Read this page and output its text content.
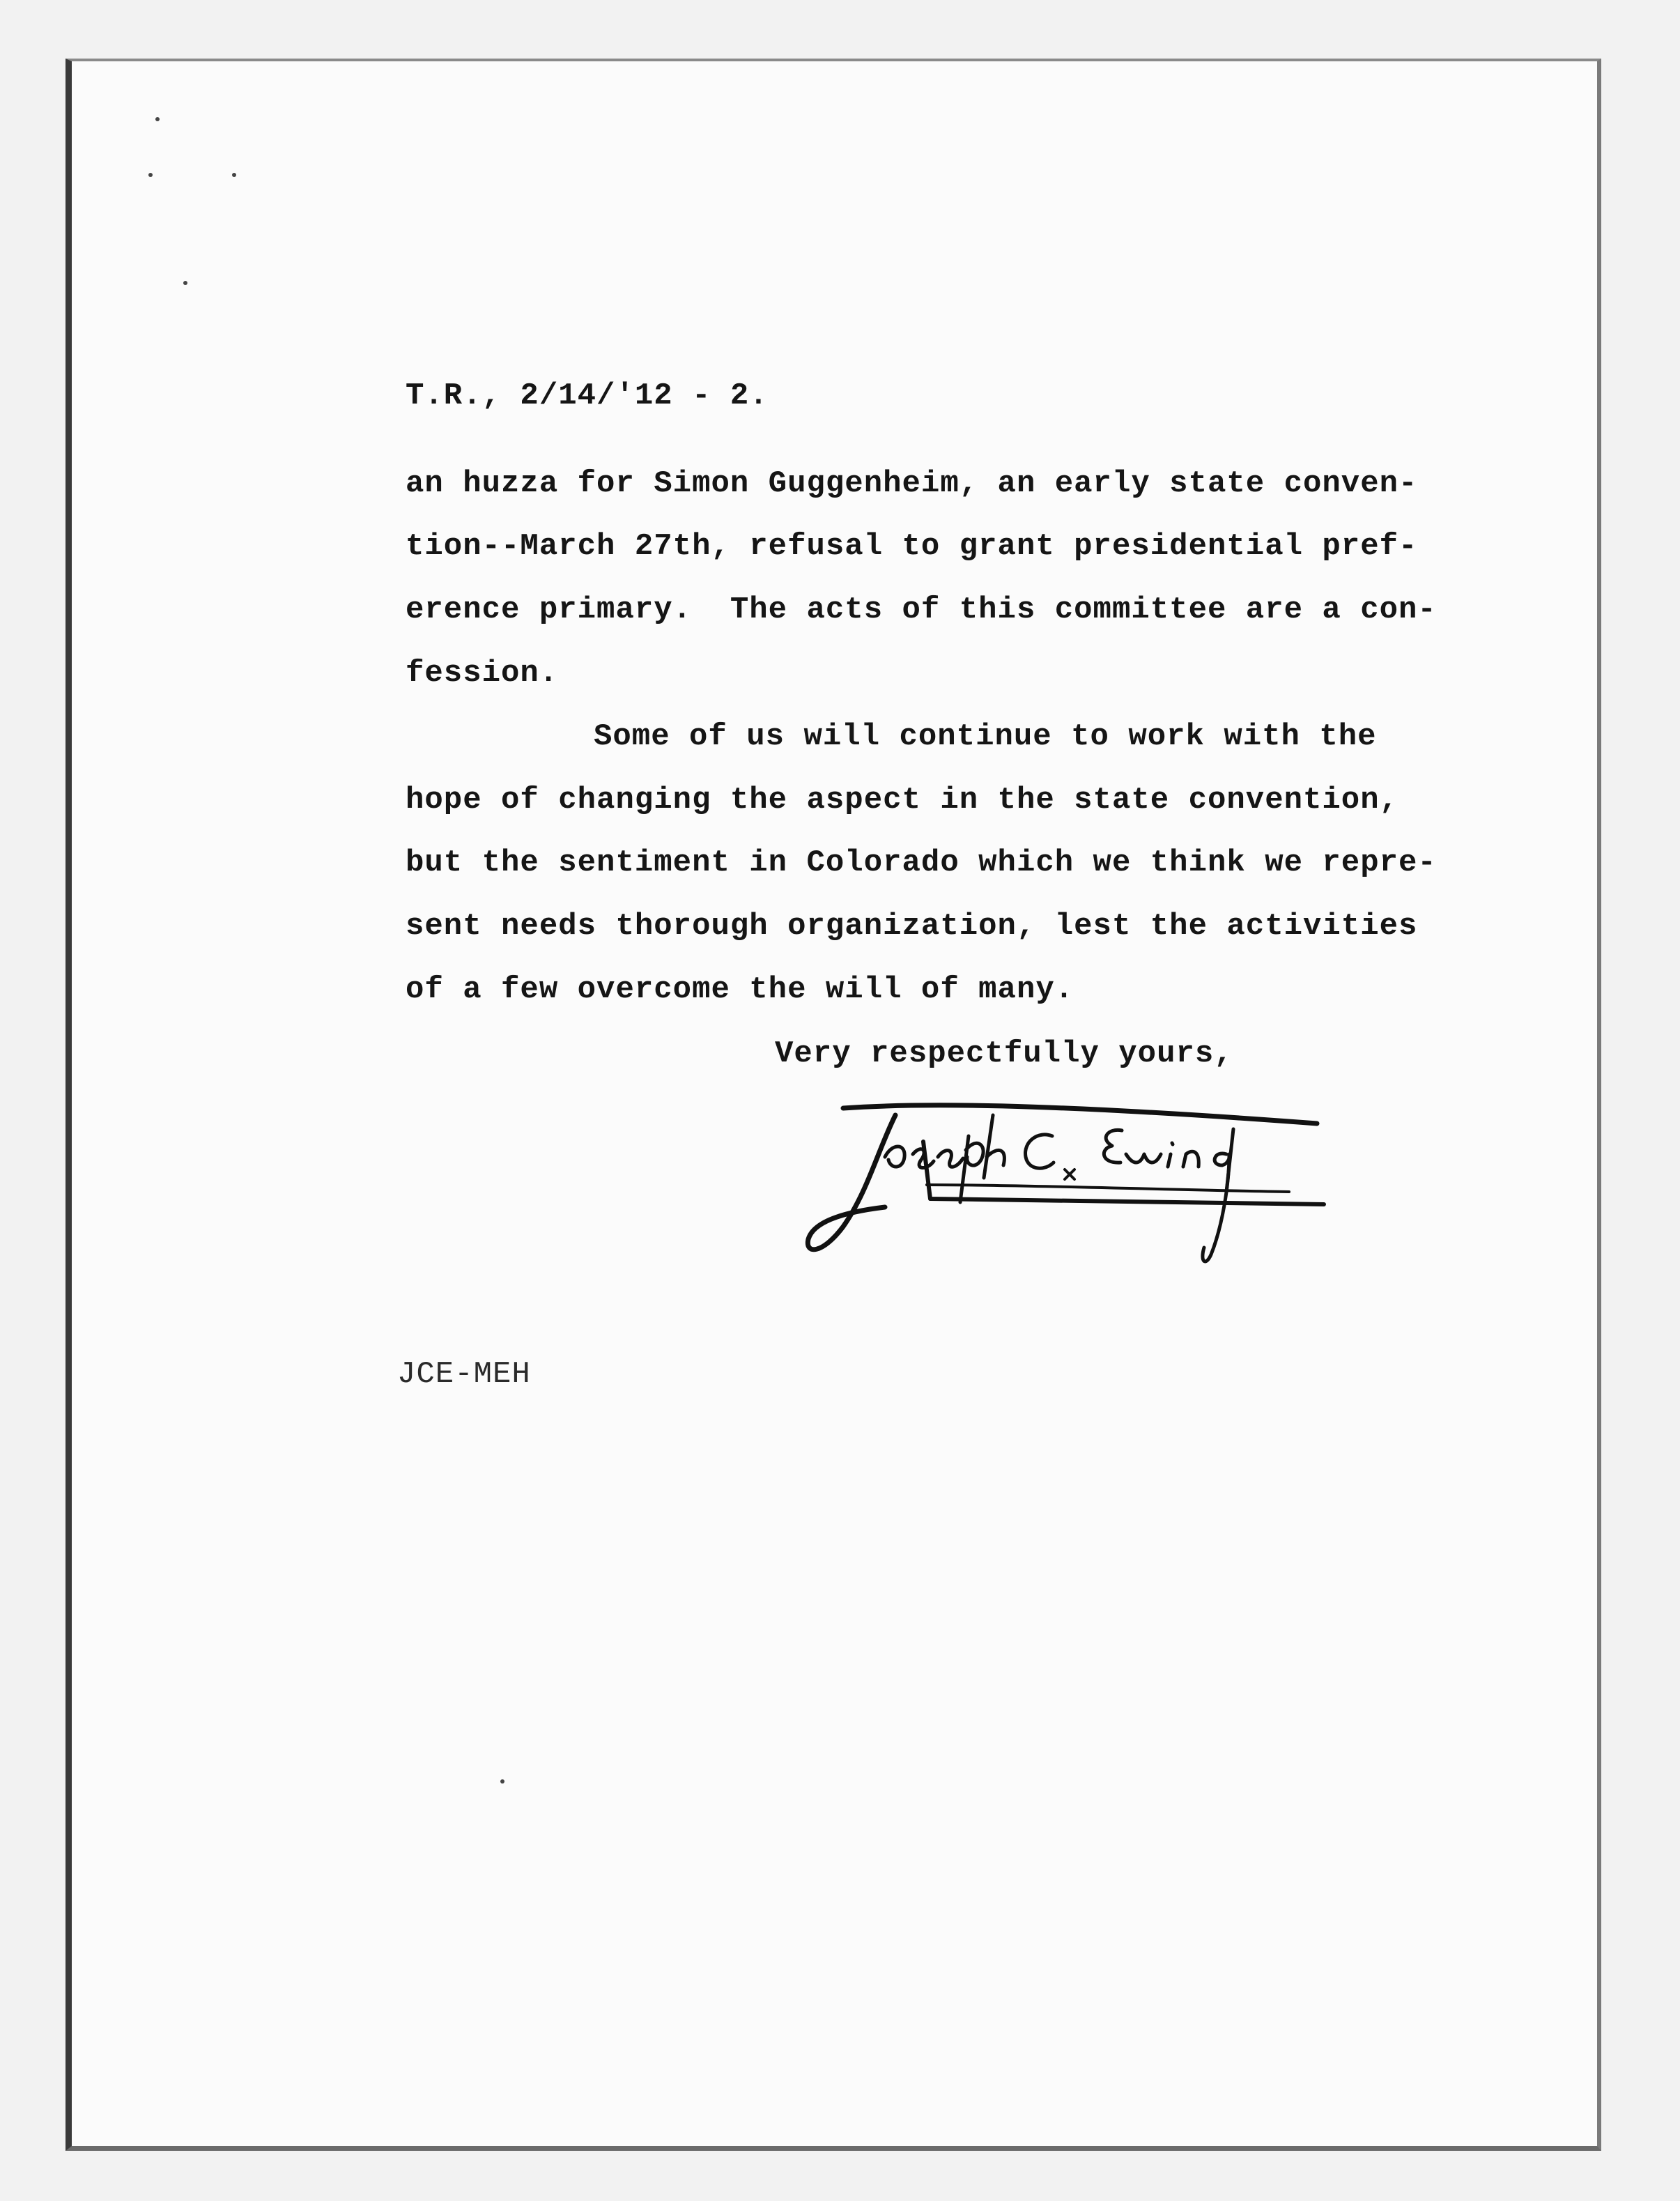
T.R., 2/14/'12 - 2.

an huzza for Simon Guggenheim, an early state conven-

tion--March 27th, refusal to grant presidential pref-

erence primary.  The acts of this committee are a con-

fession.

Some of us will continue to work with the

hope of changing the aspect in the state convention,

but the sentiment in Colorado which we think we repre-

sent needs thorough organization, lest the activities

of a few overcome the will of many.

Very respectfully yours,

JCE-MEH
